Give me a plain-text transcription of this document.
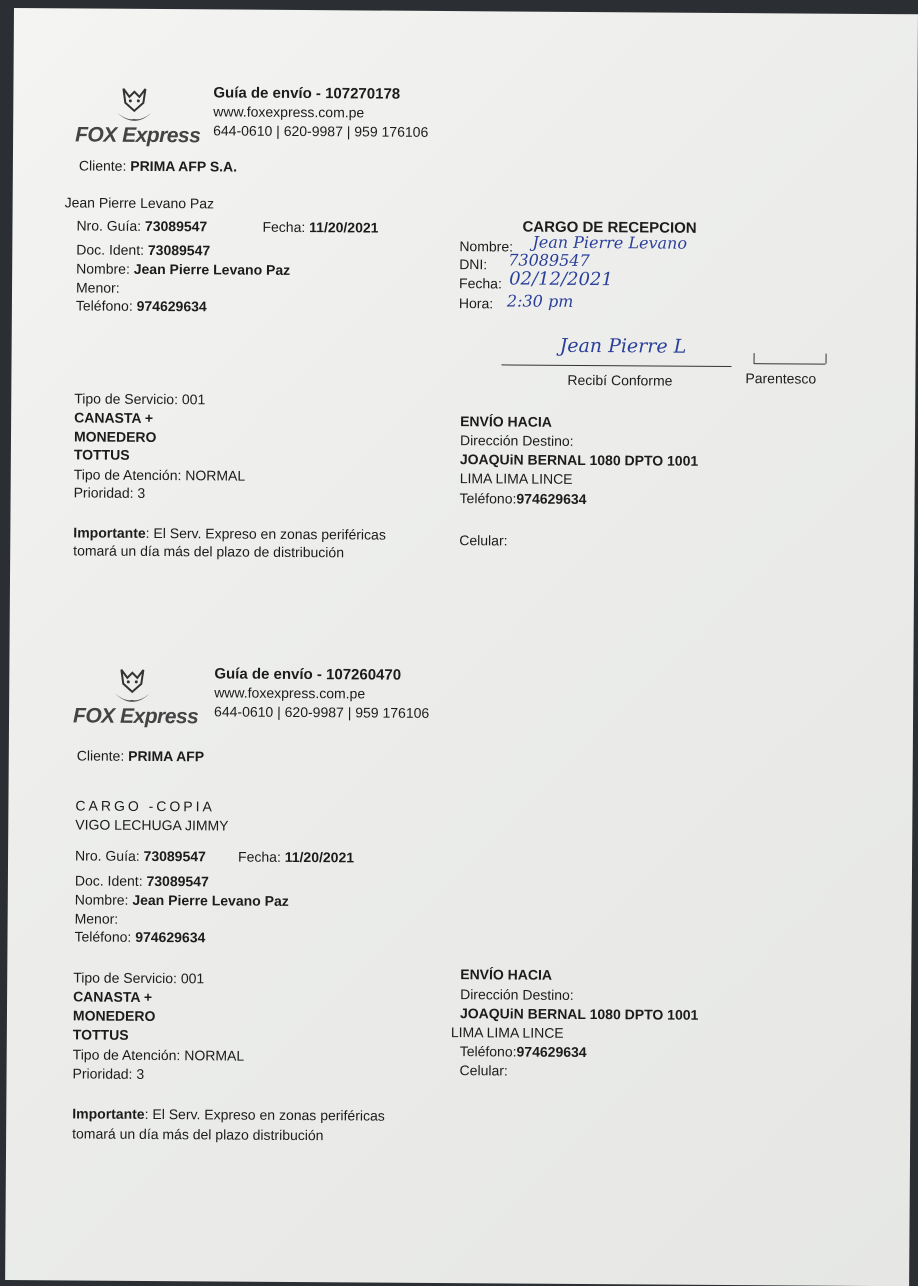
FOX Express
Guía de envío - 107270178
www.foxexpress.com.pe
644-0610 | 620-9987 | 959 176106
Cliente: PRIMA AFP S.A.
Jean Pierre Levano Paz
Nro. Guía: 73089547	Fecha: 11/20/2021
Doc. Ident: 73089547
Nombre: Jean Pierre Levano Paz
Menor:
Teléfono: 974629634
CARGO DE RECEPCION
Nombre: Jean Pierre Levano
DNI: 73089547
Fecha: 02/12/2021
Hora: 2:30 pm
Jean Pierre L
Recibí Conforme	Parentesco
Tipo de Servicio: 001
CANASTA +
MONEDERO
TOTTUS
Tipo de Atención: NORMAL
Prioridad: 3
Importante: El Serv. Expreso en zonas periféricas
tomará un día más del plazo de distribución
ENVÍO HACIA
Dirección Destino:
JOAQUiN BERNAL 1080 DPTO 1001
LIMA LIMA LINCE
Teléfono:974629634
Celular:
FOX Express
Guía de envío - 107260470
www.foxexpress.com.pe
644-0610 | 620-9987 | 959 176106
Cliente: PRIMA AFP
CARGO -COPIA
VIGO LECHUGA JIMMY
Nro. Guía: 73089547 Fecha: 11/20/2021
Doc. Ident: 73089547
Nombre: Jean Pierre Levano Paz
Menor:
Teléfono: 974629634
Tipo de Servicio: 001
CANASTA +
MONEDERO
TOTTUS
Tipo de Atención: NORMAL
Prioridad: 3
Importante: El Serv. Expreso en zonas periféricas
tomará un día más del plazo distribución
ENVÍO HACIA
Dirección Destino:
JOAQUiN BERNAL 1080 DPTO 1001
LIMA LIMA LINCE
Teléfono:974629634
Celular:
